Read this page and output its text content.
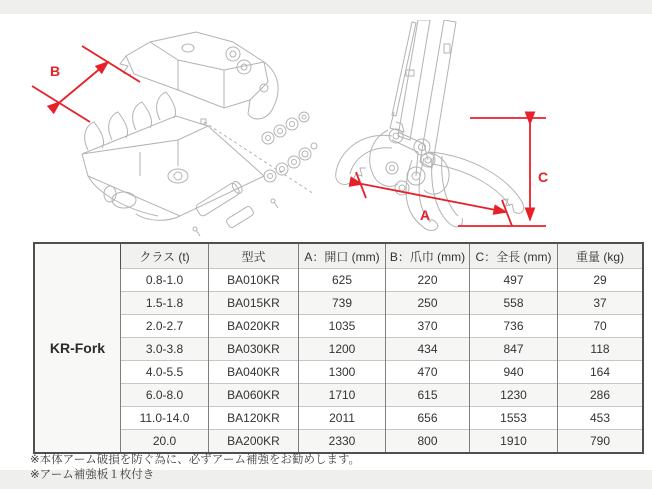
B
A
C
KR-Fork	クラス (t)	型式	A：開口 (mm)	B：爪巾 (mm)	C：全長 (mm)	重量 (kg)
	0.8-1.0	BA010KR	625	220	497	29
	1.5-1.8	BA015KR	739	250	558	37
	2.0-2.7	BA020KR	1035	370	736	70
	3.0-3.8	BA030KR	1200	434	847	118
	4.0-5.5	BA040KR	1300	470	940	164
	6.0-8.0	BA060KR	1710	615	1230	286
	11.0-14.0	BA120KR	2011	656	1553	453
	20.0	BA200KR	2330	800	1910	790
※本体アーム破損を防ぐ為に、必ずアーム補強をお勧めします。
※アーム補強板１枚付き
